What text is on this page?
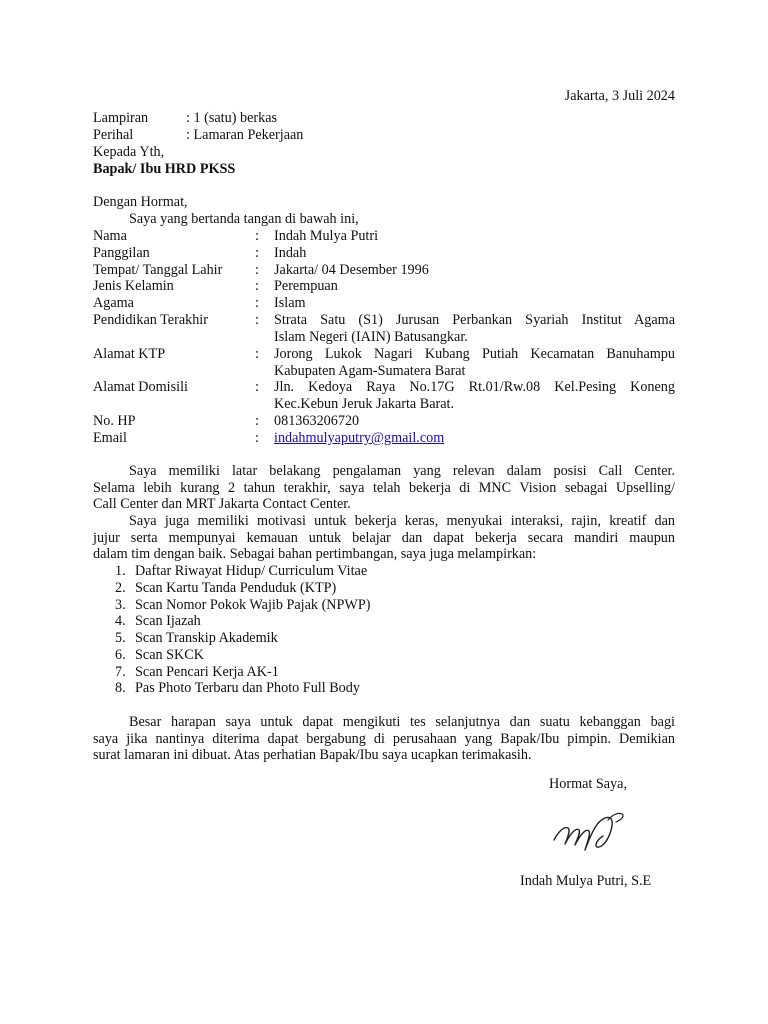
Jakarta, 3 Juli 2024
Lampiran	: 1 (satu) berkas
Perihal	: Lamaran Pekerjaan
Kepada Yth,
Bapak/ Ibu HRD PKSS
Dengan Hormat,
Saya yang bertanda tangan di bawah ini,
Nama	: Indah Mulya Putri
Panggilan	: Indah
Tempat/ Tanggal Lahir : Jakarta/ 04 Desember 1996
Jenis Kelamin	: Perempuan
Agama	: Islam
Pendidikan Terakhir	: Strata Satu (S1) Jurusan Perbankan Syariah Institut Agama
Islam Negeri (IAIN) Batusangkar.
Alamat KTP	: Jorong Lukok Nagari Kubang Putiah Kecamatan Banuhampu
Kabupaten Agam-Sumatera Barat
Alamat Domisili	: Jln. Kedoya Raya No.17G Rt.01/Rw.08 Kel.Pesing Koneng
Kec.Kebun Jeruk Jakarta Barat.
No. HP	: 081363206720
Email	: indahmulyaputry@gmail.com
Saya memiliki latar belakang pengalaman yang relevan dalam posisi Call Center.
Selama lebih kurang 2 tahun terakhir, saya telah bekerja di MNC Vision sebagai Upselling/
Call Center dan MRT Jakarta Contact Center.
Saya juga memiliki motivasi untuk bekerja keras, menyukai interaksi, rajin, kreatif dan
jujur serta mempunyai kemauan untuk belajar dan dapat bekerja secara mandiri maupun
dalam tim dengan baik. Sebagai bahan pertimbangan, saya juga melampirkan:
1. Daftar Riwayat Hidup/ Curriculum Vitae
2. Scan Kartu Tanda Penduduk (KTP)
3. Scan Nomor Pokok Wajib Pajak (NPWP)
4. Scan Ijazah
5. Scan Transkip Akademik
6. Scan SKCK
7. Scan Pencari Kerja AK-1
8. Pas Photo Terbaru dan Photo Full Body
Besar harapan saya untuk dapat mengikuti tes selanjutnya dan suatu kebanggan bagi
saya jika nantinya diterima dapat bergabung di perusahaan yang Bapak/Ibu pimpin. Demikian
surat lamaran ini dibuat. Atas perhatian Bapak/Ibu saya ucapkan terimakasih.
Hormat Saya,
Indah Mulya Putri, S.E
